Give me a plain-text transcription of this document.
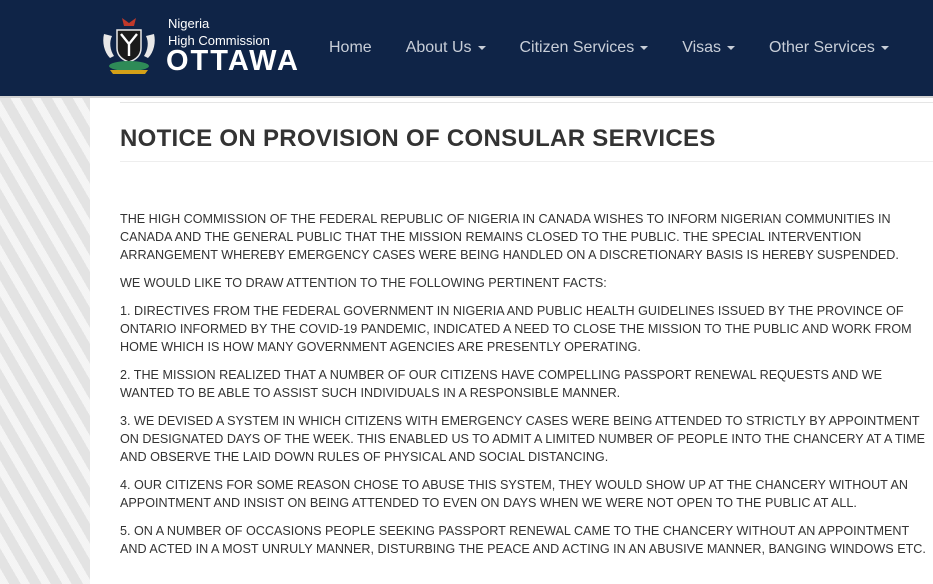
Nigeria
High Commission
OTTAWA Home About Us	Citizen Services	Visas	Other Services
NOTICE ON PROVISION OF CONSULAR SERVICES

THE HIGH COMMISSION OF THE FEDERAL REPUBLIC OF NIGERIA IN CANADA WISHES TO INFORM NIGERIAN COMMUNITIES IN CANADA AND THE GENERAL PUBLIC THAT THE MISSION REMAINS CLOSED TO THE PUBLIC. THE SPECIAL INTERVENTION ARRANGEMENT WHEREBY EMERGENCY CASES WERE BEING HANDLED ON A DISCRETIONARY BASIS IS HEREBY SUSPENDED.

WE WOULD LIKE TO DRAW ATTENTION TO THE FOLLOWING PERTINENT FACTS:

1. DIRECTIVES FROM THE FEDERAL GOVERNMENT IN NIGERIA AND PUBLIC HEALTH GUIDELINES ISSUED BY THE PROVINCE OF ONTARIO INFORMED BY THE COVID-19 PANDEMIC, INDICATED A NEED TO CLOSE THE MISSION TO THE PUBLIC AND WORK FROM HOME WHICH IS HOW MANY GOVERNMENT AGENCIES ARE PRESENTLY OPERATING.

2. THE MISSION REALIZED THAT A NUMBER OF OUR CITIZENS HAVE COMPELLING PASSPORT RENEWAL REQUESTS AND WE WANTED TO BE ABLE TO ASSIST SUCH INDIVIDUALS IN A RESPONSIBLE MANNER.

3. WE DEVISED A SYSTEM IN WHICH CITIZENS WITH EMERGENCY CASES WERE BEING ATTENDED TO STRICTLY BY APPOINTMENT ON DESIGNATED DAYS OF THE WEEK. THIS ENABLED US TO ADMIT A LIMITED NUMBER OF PEOPLE INTO THE CHANCERY AT A TIME AND OBSERVE THE LAID DOWN RULES OF PHYSICAL AND SOCIAL DISTANCING.

4. OUR CITIZENS FOR SOME REASON CHOSE TO ABUSE THIS SYSTEM, THEY WOULD SHOW UP AT THE CHANCERY WITHOUT AN APPOINTMENT AND INSIST ON BEING ATTENDED TO EVEN ON DAYS WHEN WE WERE NOT OPEN TO THE PUBLIC AT ALL.

5. ON A NUMBER OF OCCASIONS PEOPLE SEEKING PASSPORT RENEWAL CAME TO THE CHANCERY WITHOUT AN APPOINTMENT AND ACTED IN A MOST UNRULY MANNER, DISTURBING THE PEACE AND ACTING IN AN ABUSIVE MANNER, BANGING WINDOWS ETC.
